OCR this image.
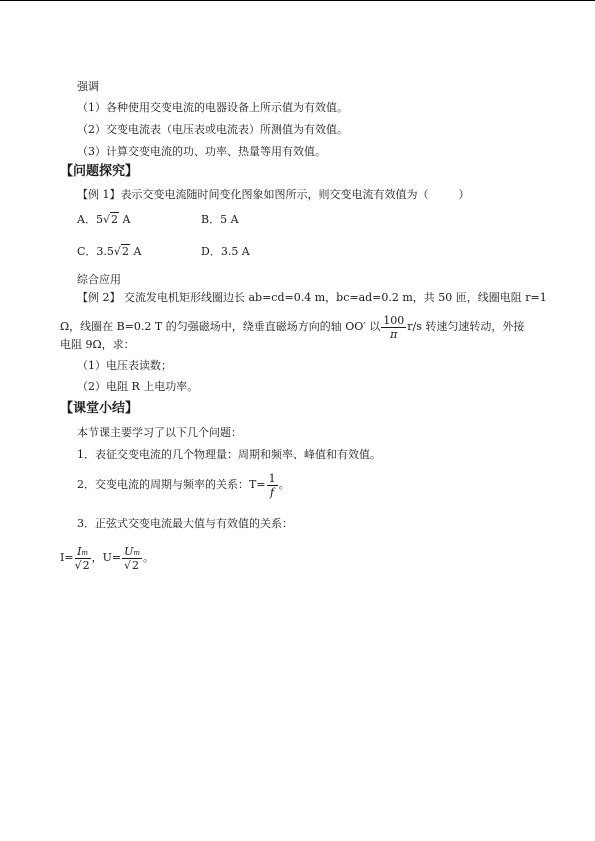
强调
（1）各种使用交变电流的电器设备上所示值为有效值。
（2）交变电流表（电压表或电流表）所测值为有效值。
（3）计算交变电流的功、功率、热量等用有效值。
【问题探究】
【例 1】表示交变电流随时间变化图象如图所示，则交变电流有效值为（	）
A．5√2 A	B．5 A
C．3.5√2 A	D．3.5 A
综合应用
【例 2】 交流发电机矩形线圈边长 ab=cd=0.4 m，bc=ad=0.2 m，共 50 匝，线圈电阻 r=1
Ω，线圈在 B=0.2 T 的匀强磁场中，绕垂直磁场方向的轴 OO′ 以 $\frac{100}{\pi} r/s$ 转速匀速转动，外接
电阻 9Ω，求：
（1）电压表读数；
（2）电阻 R 上电功率。
【课堂小结】
本节课主要学习了以下几个问题：
1．表征交变电流的几个物理量：周期和频率、峰值和有效值。
2．交变电流的周期与频率的关系：$T= \frac{1}{f}$ 。
3．正弦式交变电流最大值与有效值的关系：
$I= \frac{Im}{√2}$ ，$U= \frac{Um}{√2}$ 。
